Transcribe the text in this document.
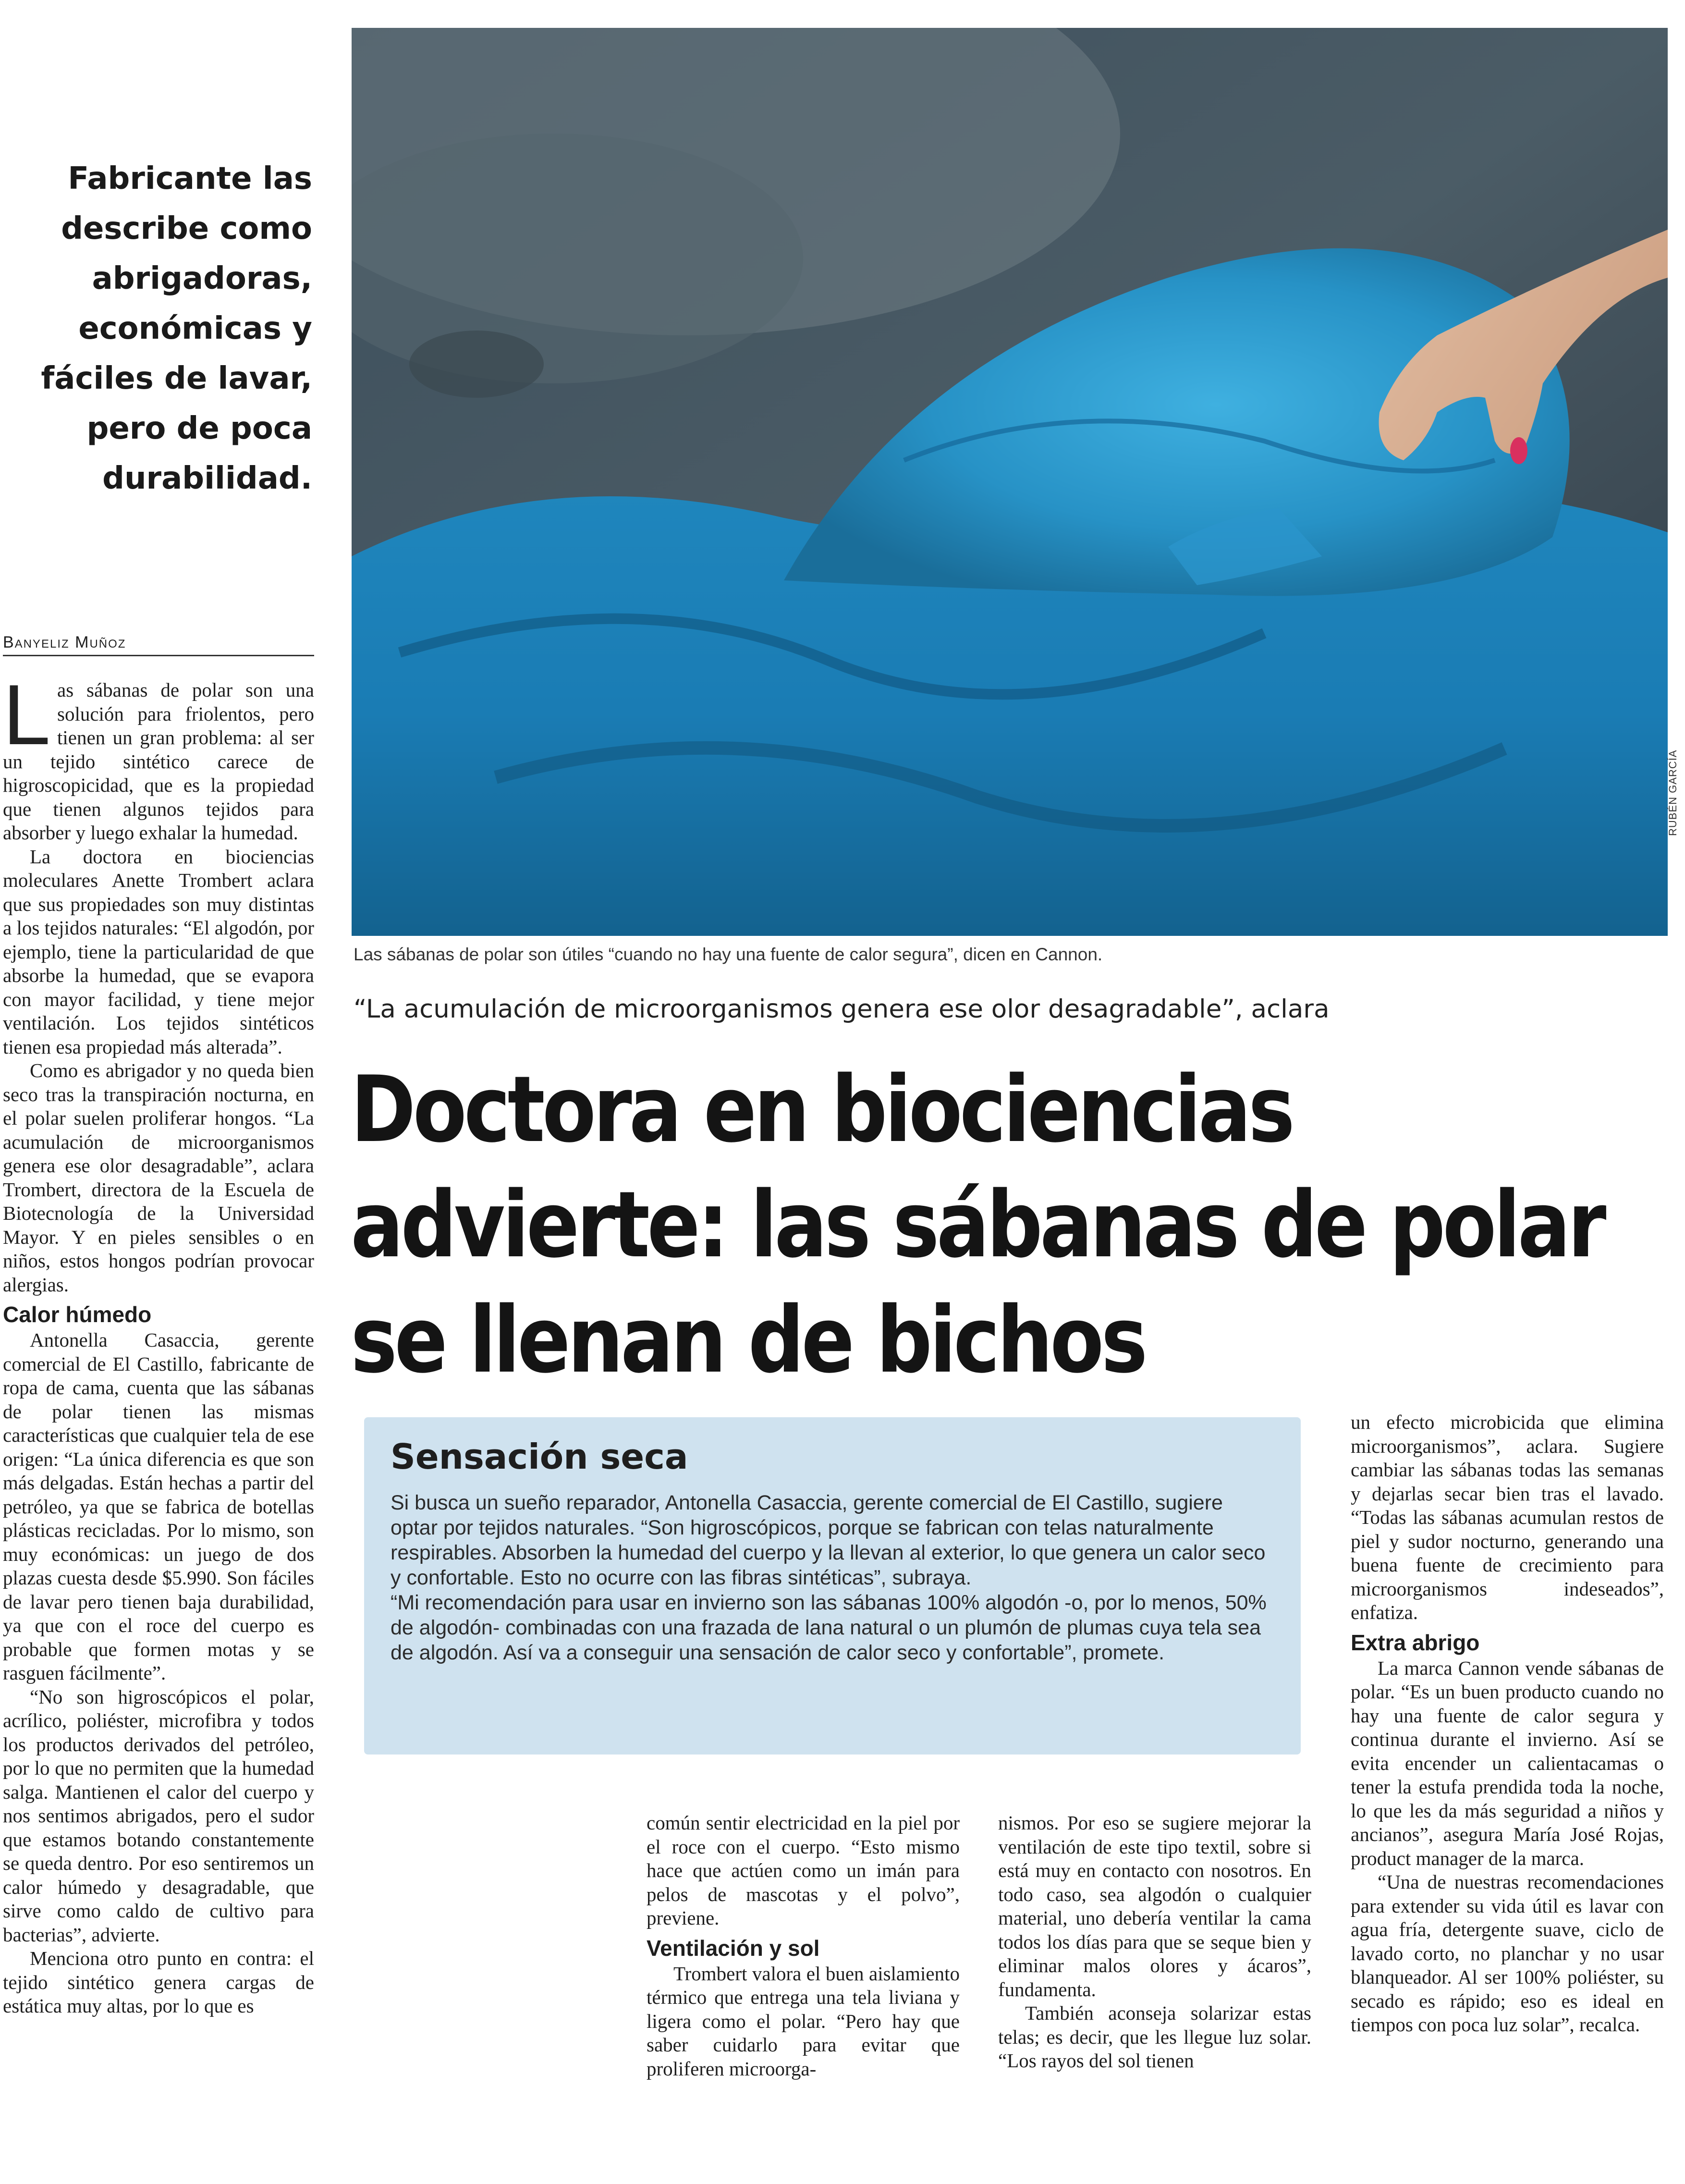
Fabricante las
describe como
abrigadoras,
económicas y
fáciles de lavar,
pero de poca
durabilidad.
Banyeliz Muñoz

Las sábanas de polar son una solución para friolentos, pero tienen un gran problema: al ser un tejido sintético carece de higroscopicidad, que es la propiedad que tienen algunos tejidos para absorber y luego exhalar la humedad.

La doctora en biociencias moleculares Anette Trombert aclara que sus propiedades son muy distintas a los tejidos naturales: “El algodón, por ejemplo, tiene la particularidad de que absorbe la humedad, que se evapora con mayor facilidad, y tiene mejor ventilación. Los tejidos sintéticos tienen esa propiedad más alterada”.

Como es abrigador y no queda bien seco tras la transpiración nocturna, en el polar suelen proliferar hongos. “La acumulación de microorganismos genera ese olor desagradable”, aclara Trombert, directora de la Escuela de Biotecnología de la Universidad Mayor. Y en pieles sensibles o en niños, estos hongos podrían provocar alergias.

Calor húmedo

Antonella Casaccia, gerente comercial de El Castillo, fabricante de ropa de cama, cuenta que las sábanas de polar tienen las mismas características que cualquier tela de ese origen: “La única diferencia es que son más delgadas. Están hechas a partir del petróleo, ya que se fabrica de botellas plásticas recicladas. Por lo mismo, son muy económicas: un juego de dos plazas cuesta desde $5.990. Son fáciles de lavar pero tienen baja durabilidad, ya que con el roce del cuerpo es probable que formen motas y se rasguen fácilmente”.

“No son higroscópicos el polar, acrílico, poliéster, microfibra y todos los productos derivados del petróleo, por lo que no permiten que la humedad salga. Mantienen el calor del cuerpo y nos sentimos abrigados, pero el sudor que estamos botando constantemente se queda dentro. Por eso sentiremos un calor húmedo y desagradable, que sirve como caldo de cultivo para bacterias”, advierte.

Menciona otro punto en contra: el tejido sintético genera cargas de estática muy altas, por lo que es

RUBÉN GARCÍA
Las sábanas de polar son útiles “cuando no hay una fuente de calor segura”, dicen en Cannon.
“La acumulación de microorganismos genera ese olor desagradable”, aclara
Doctora en biociencias
advierte: las sábanas de polar
se llenan de bichos
Sensación seca

Si busca un sueño reparador, Antonella Casaccia, gerente comercial de El Castillo, sugiere optar por tejidos naturales. “Son higroscópicos, porque se fabrican con telas naturalmente respirables. Absorben la humedad del cuerpo y la llevan al exterior, lo que genera un calor seco y confortable. Esto no ocurre con las fibras sintéticas”, subraya.

“Mi recomendación para usar en invierno son las sábanas 100% algodón -o, por lo menos, 50% de algodón- combinadas con una frazada de lana natural o un plumón de plumas cuya tela sea de algodón. Así va a conseguir una sensación de calor seco y confortable”, promete.

común sentir electricidad en la piel por el roce con el cuerpo. “Esto mismo hace que actúen como un imán para pelos de mascotas y el polvo”, previene.

Ventilación y sol

Trombert valora el buen aislamiento térmico que entrega una tela liviana y ligera como el polar. “Pero hay que saber cuidarlo para evitar que proliferen microorga-

nismos. Por eso se sugiere mejorar la ventilación de este tipo textil, sobre si está muy en contacto con nosotros. En todo caso, sea algodón o cualquier material, uno debería ventilar la cama todos los días para que se seque bien y eliminar malos olores y ácaros”, fundamenta.

También aconseja solarizar estas telas; es decir, que les llegue luz solar. “Los rayos del sol tienen

un efecto microbicida que elimina microorganismos”, aclara. Sugiere cambiar las sábanas todas las semanas y dejarlas secar bien tras el lavado. “Todas las sábanas acumulan restos de piel y sudor nocturno, generando una buena fuente de crecimiento para microorganismos indeseados”, enfatiza.

Extra abrigo

La marca Cannon vende sábanas de polar. “Es un buen producto cuando no hay una fuente de calor segura y continua durante el invierno. Así se evita encender un calientacamas o tener la estufa prendida toda la noche, lo que les da más seguridad a niños y ancianos”, asegura María José Rojas, product manager de la marca.

“Una de nuestras recomendaciones para extender su vida útil es lavar con agua fría, detergente suave, ciclo de lavado corto, no planchar y no usar blanqueador. Al ser 100% poliéster, su secado es rápido; eso es ideal en tiempos con poca luz solar”, recalca.
